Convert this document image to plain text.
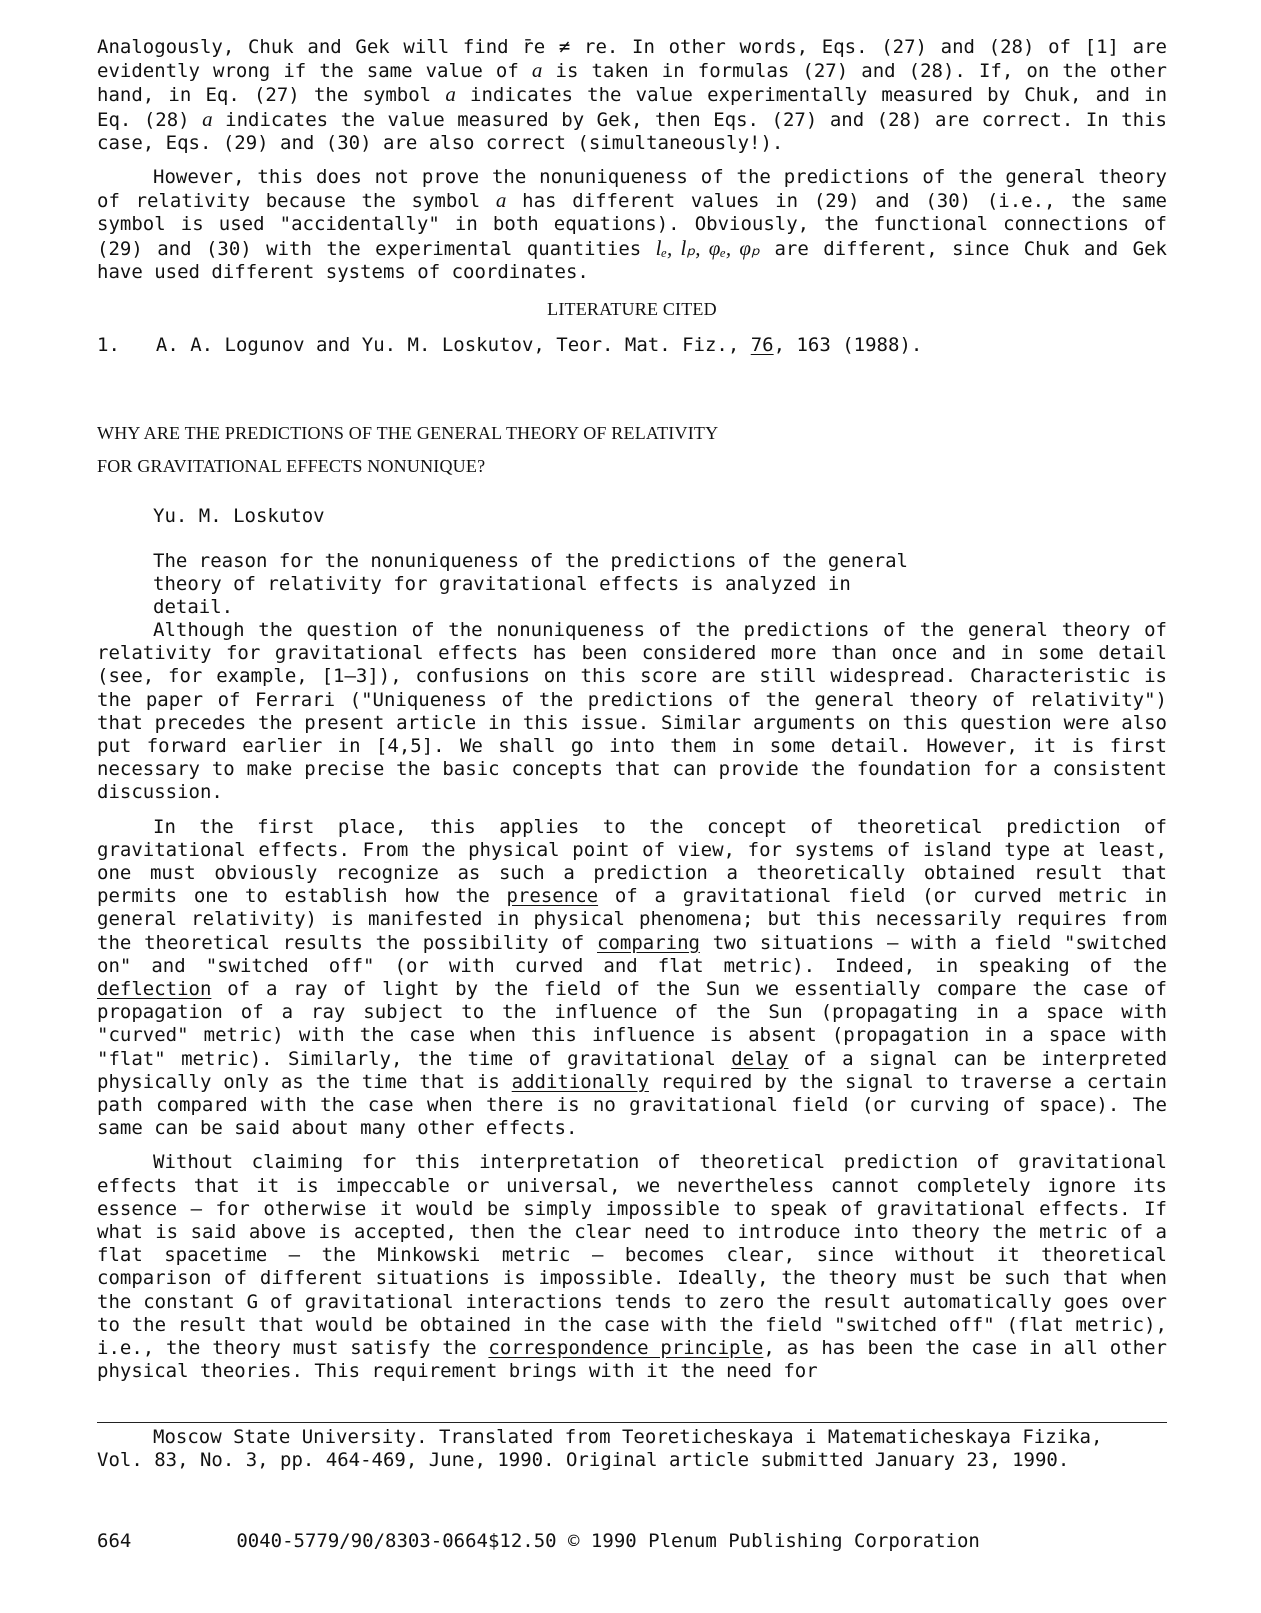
Analogously, Chuk and Gek will find r̄e ≠ re. In other words, Eqs. (27) and (28) of [1] are evidently wrong if the same value of a is taken in formulas (27) and (28). If, on the other hand, in Eq. (27) the symbol a indicates the value experimentally measured by Chuk, and in Eq. (28) a indicates the value measured by Gek, then Eqs. (27) and (28) are correct. In this case, Eqs. (29) and (30) are also correct (simultaneously!).

However, this does not prove the nonuniqueness of the predictions of the general theory of relativity because the symbol a has different values in (29) and (30) (i.e., the same symbol is used "accidentally" in both equations). Obviously, the functional connections of (29) and (30) with the experimental quantities lₑ, lₚ, φₑ, φₚ are different, since Chuk and Gek have used different systems of coordinates.

LITERATURE CITED

1. A. A. Logunov and Yu. M. Loskutov, Teor. Mat. Fiz., 76, 163 (1988).

WHY ARE THE PREDICTIONS OF THE GENERAL THEORY OF RELATIVITY

FOR GRAVITATIONAL EFFECTS NONUNIQUE?

Yu. M. Loskutov

The reason for the nonuniqueness of the predictions of the general theory of relativity for gravitational effects is analyzed in detail.

Although the question of the nonuniqueness of the predictions of the general theory of relativity for gravitational effects has been considered more than once and in some detail (see, for example, [1–3]), confusions on this score are still widespread. Characteristic is the paper of Ferrari ("Uniqueness of the predictions of the general theory of relativity") that precedes the present article in this issue. Similar arguments on this question were also put forward earlier in [4,5]. We shall go into them in some detail. However, it is first necessary to make precise the basic concepts that can provide the foundation for a consistent discussion.

In the first place, this applies to the concept of theoretical prediction of gravitational effects. From the physical point of view, for systems of island type at least, one must obviously recognize as such a prediction a theoretically obtained result that permits one to establish how the presence of a gravitational field (or curved metric in general relativity) is manifested in physical phenomena; but this necessarily requires from the theoretical results the possibility of comparing two situations — with a field "switched on" and "switched off" (or with curved and flat metric). Indeed, in speaking of the deflection of a ray of light by the field of the Sun we essentially compare the case of propagation of a ray subject to the influence of the Sun (propagating in a space with "curved" metric) with the case when this influence is absent (propagation in a space with "flat" metric). Similarly, the time of gravitational delay of a signal can be interpreted physically only as the time that is additionally required by the signal to traverse a certain path compared with the case when there is no gravitational field (or curving of space). The same can be said about many other effects.

Without claiming for this interpretation of theoretical prediction of gravitational effects that it is impeccable or universal, we nevertheless cannot completely ignore its essence — for otherwise it would be simply impossible to speak of gravitational effects. If what is said above is accepted, then the clear need to introduce into theory the metric of a flat spacetime — the Minkowski metric — becomes clear, since without it theoretical comparison of different situations is impossible. Ideally, the theory must be such that when the constant G of gravitational interactions tends to zero the result automatically goes over to the result that would be obtained in the case with the field "switched off" (flat metric), i.e., the theory must satisfy the correspondence principle, as has been the case in all other physical theories. This requirement brings with it the need for

Moscow State University. Translated from Teoreticheskaya i Matematicheskaya Fizika,
Vol. 83, No. 3, pp. 464-469, June, 1990. Original article submitted January 23, 1990.
664	0040-5779/90/8303-0664$12.50 © 1990 Plenum Publishing Corporation
